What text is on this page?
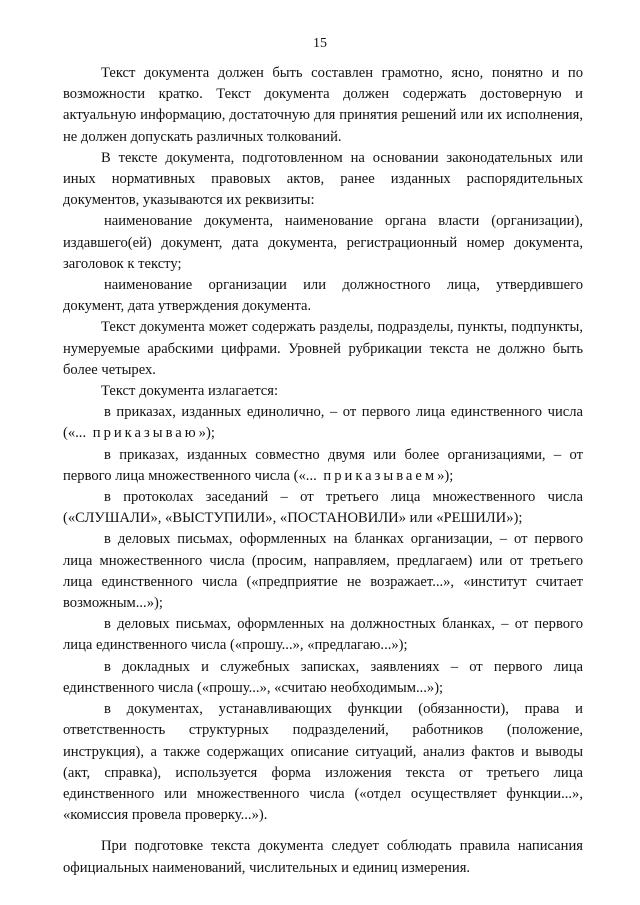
15

Текст документа должен быть составлен грамотно, ясно, понятно и по возможности кратко. Текст документа должен содержать достоверную и актуальную информацию, достаточную для принятия решений или их исполнения, не должен допускать различных толкований.

В тексте документа, подготовленном на основании законодательных или иных нормативных правовых актов, ранее изданных распорядительных документов, указываются их реквизиты:

наименование документа, наименование органа власти (организации), издавшего(ей) документ, дата документа, регистрационный номер документа, заголовок к тексту;

наименование организации или должностного лица, утвердившего документ, дата утверждения документа.

Текст документа может содержать разделы, подразделы, пункты, подпункты, нумеруемые арабскими цифрами. Уровней рубрикации текста не должно быть более четырех.

Текст документа излагается:

в приказах, изданных единолично, – от первого лица единственного числа («... приказываю»);

в приказах, изданных совместно двумя или более организациями, – от первого лица множественного числа («... приказываем»);

в протоколах заседаний – от третьего лица множественного числа («СЛУШАЛИ», «ВЫСТУПИЛИ», «ПОСТАНОВИЛИ» или «РЕШИЛИ»);

в деловых письмах, оформленных на бланках организации, – от первого лица множественного числа (просим, направляем, предлагаем) или от третьего лица единственного числа («предприятие не возражает...», «институт считает возможным...»);

в деловых письмах, оформленных на должностных бланках, – от первого лица единственного числа («прошу...», «предлагаю...»);

в докладных и служебных записках, заявлениях – от первого лица единственного числа («прошу...», «считаю необходимым...»);

в документах, устанавливающих функции (обязанности), права и ответственность структурных подразделений, работников (положение, инструкция), а также содержащих описание ситуаций, анализ фактов и выводы (акт, справка), используется форма изложения текста от третьего лица единственного или множественного числа («отдел осуществляет функции...», «комиссия провела проверку...»).

При подготовке текста документа следует соблюдать правила написания официальных наименований, числительных и единиц измерения.
